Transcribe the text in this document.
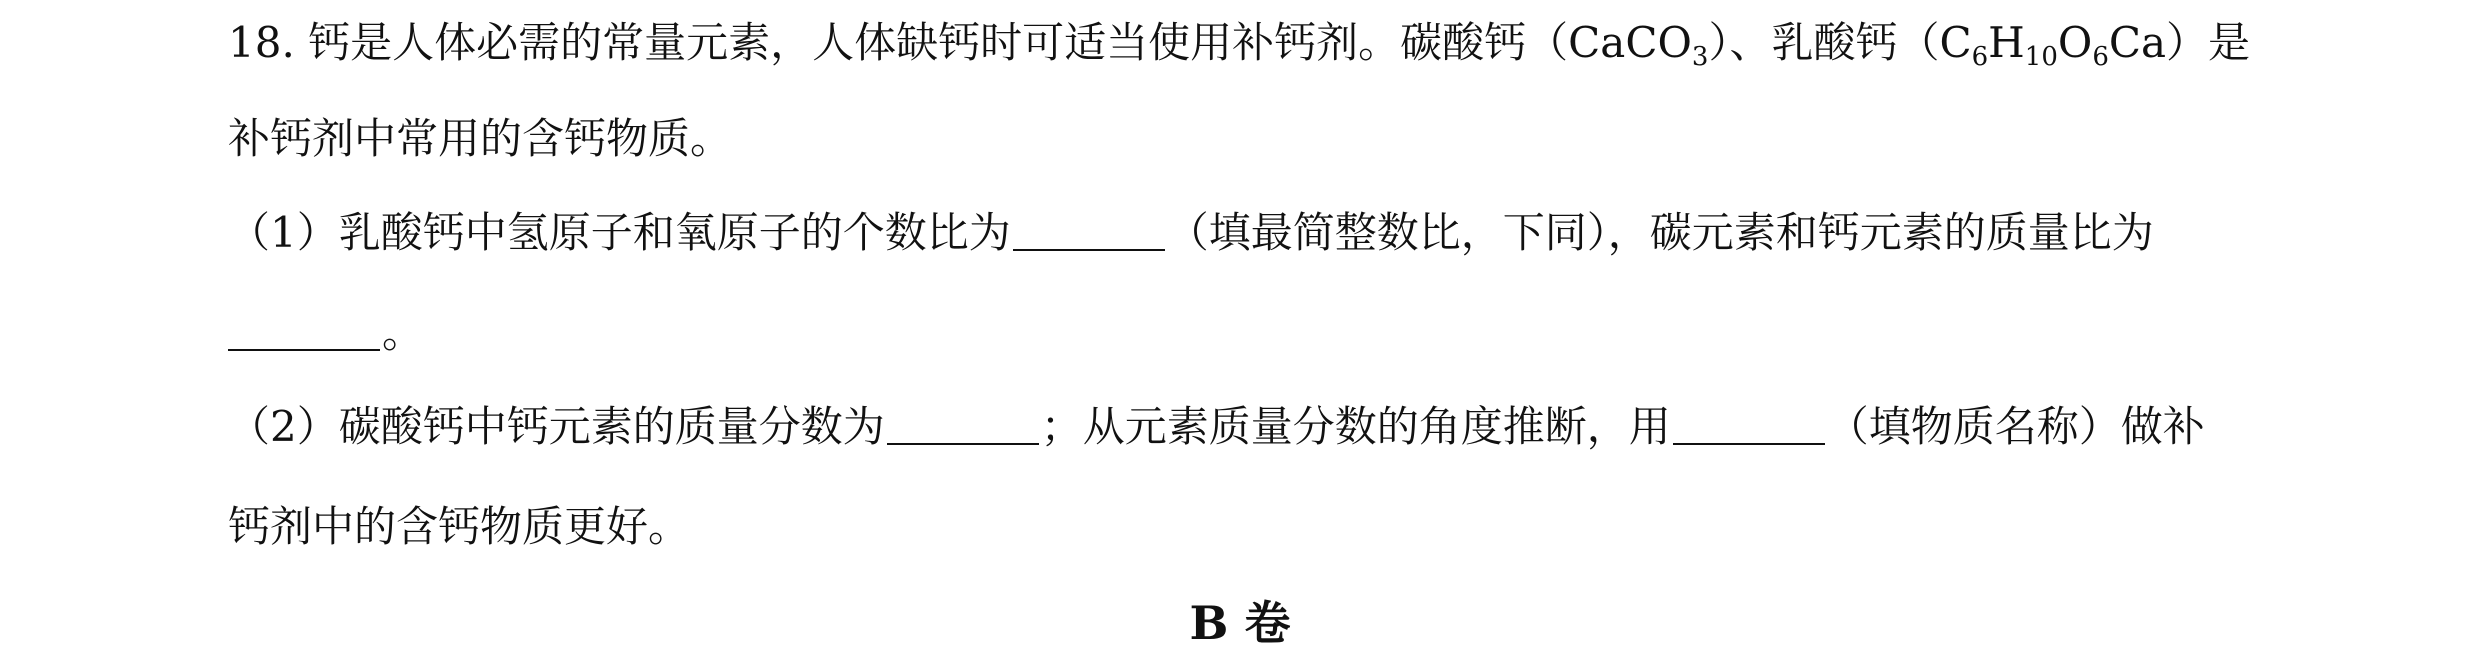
18. 钙是人体必需的常量元素，人体缺钙时可适当使用补钙剂。碳酸钙（CaCO$_3$）、乳酸钙$(C_6H_{10}O_6Ca)$是
补钙剂中常用的含钙物质。
（1）乳酸钙中氢原子和氧原子的个数比为	（填最简整数比，下同），碳元素和钙元素的质量比为
。
（2）碳酸钙中钙元素的质量分数为	；从元素质量分数的角度推断，用	（填物质名称）做补
钙剂中的含钙物质更好。
B 卷
